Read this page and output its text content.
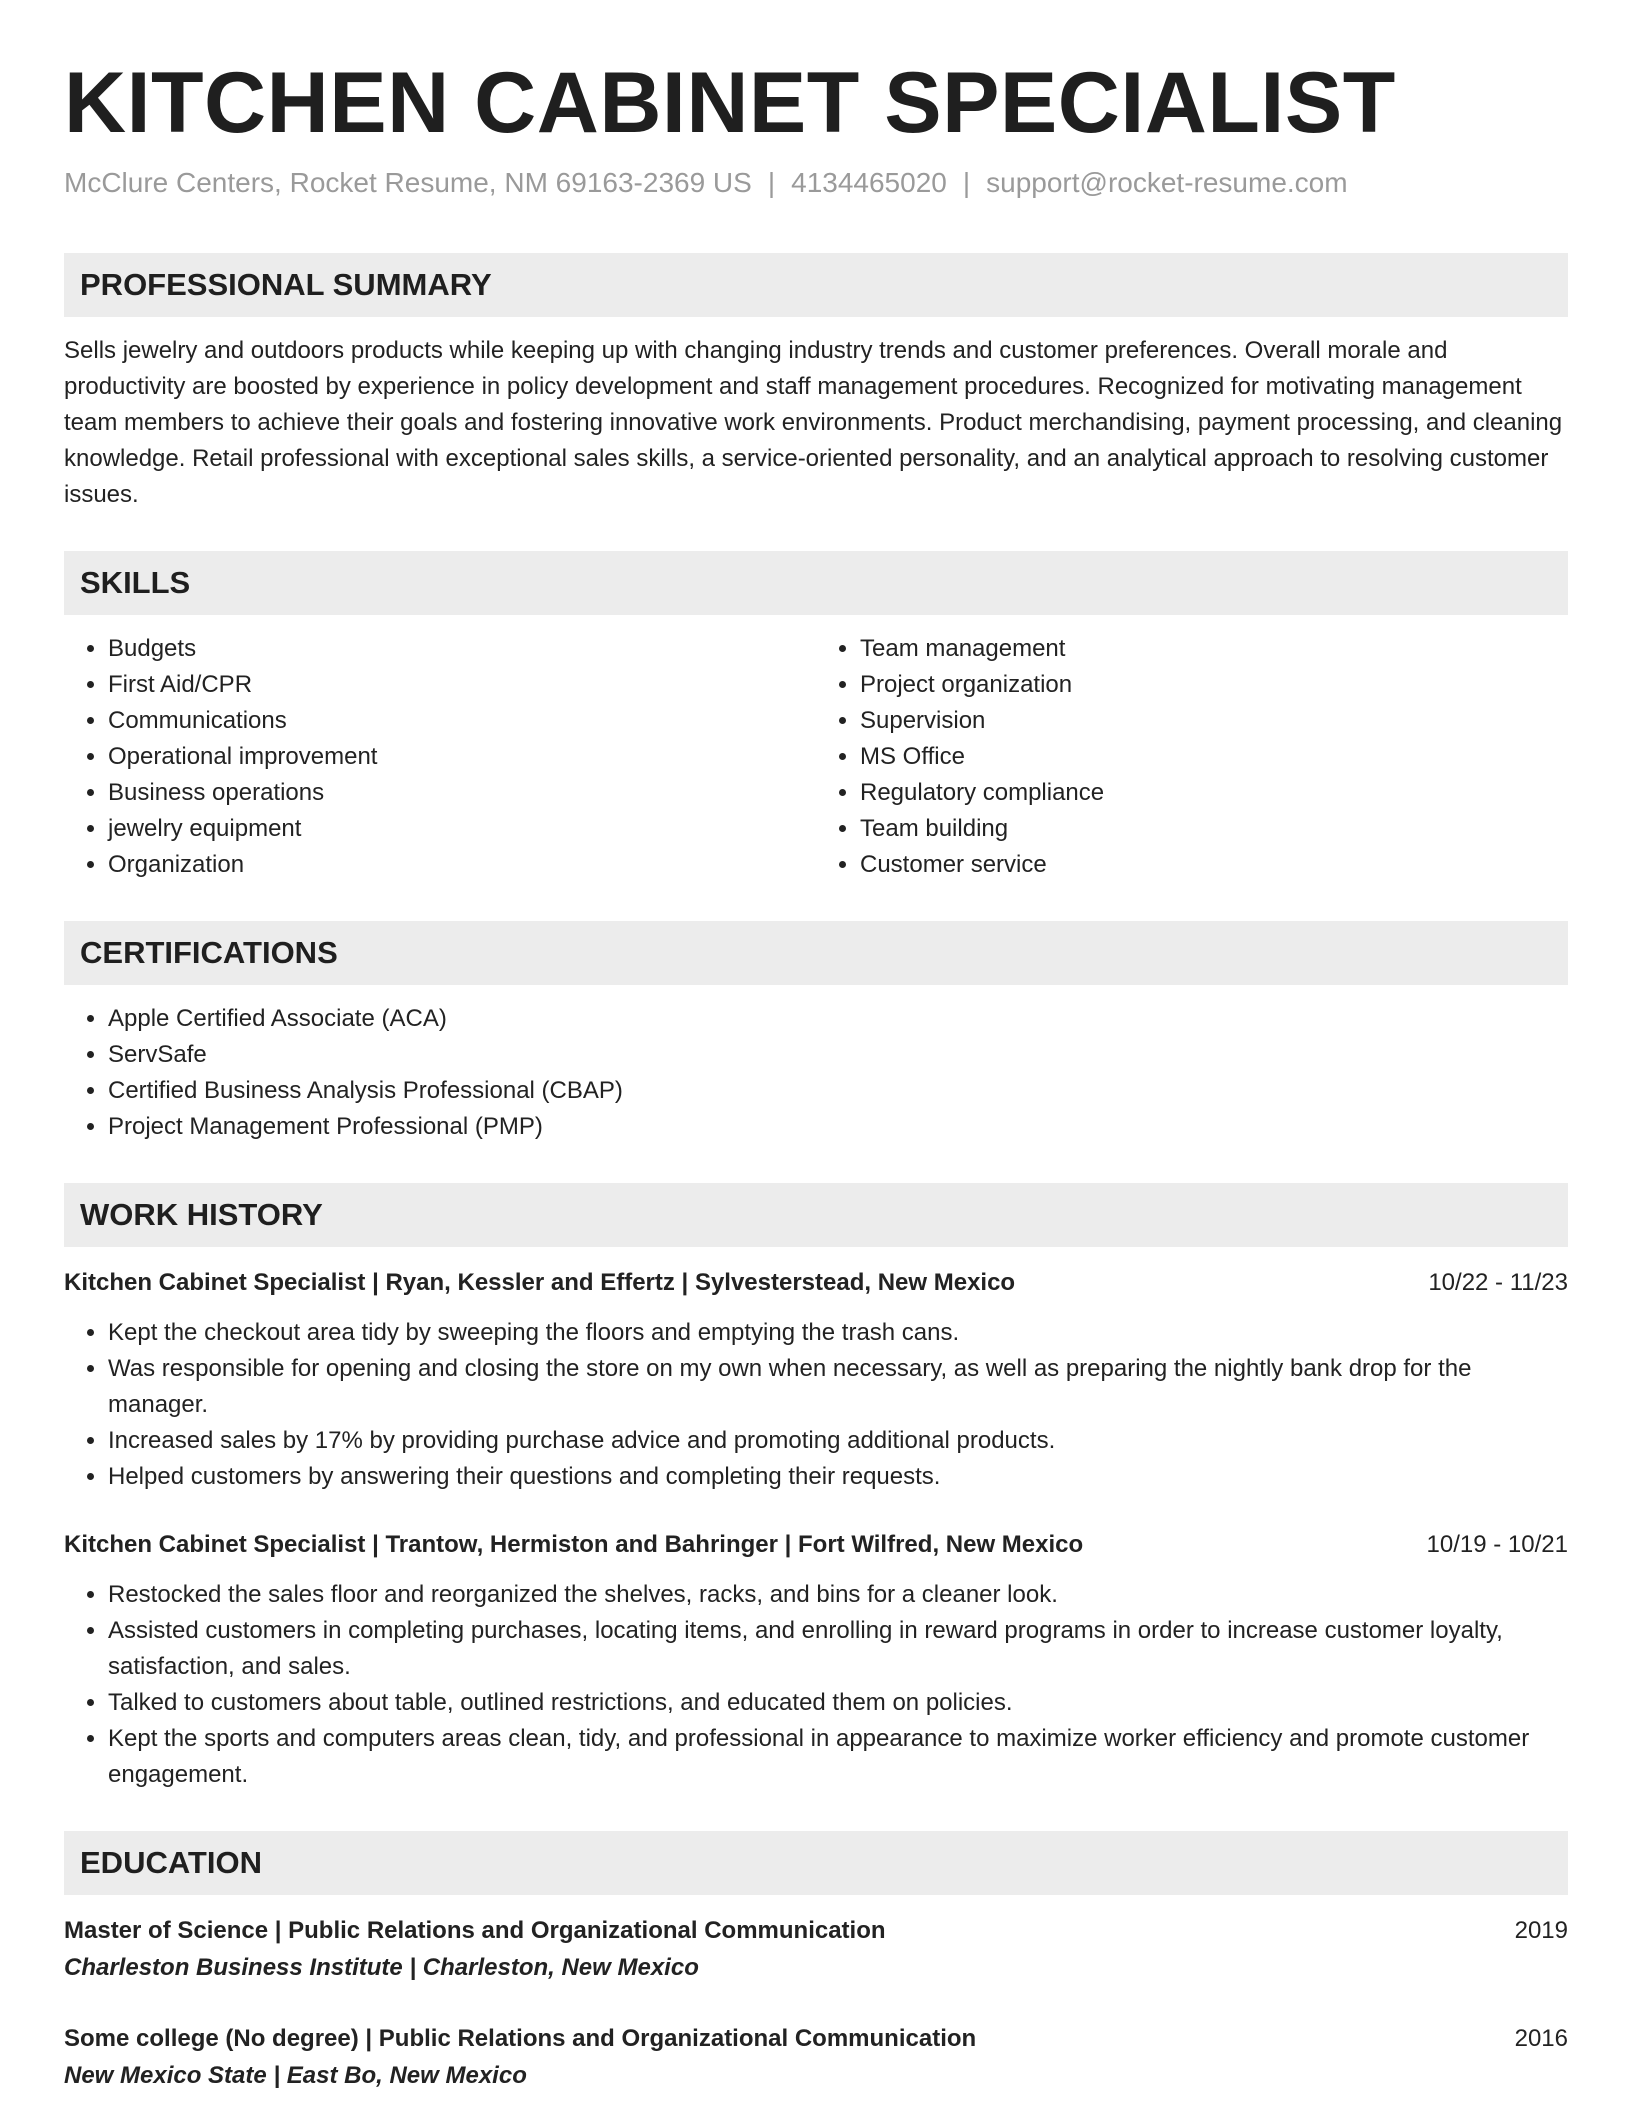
KITCHEN CABINET SPECIALIST
McClure Centers, Rocket Resume, NM 69163-2369 US | 4134465020 | support@rocket-resume.com
PROFESSIONAL SUMMARY
Sells jewelry and outdoors products while keeping up with changing industry trends and customer preferences. Overall morale and productivity are boosted by experience in policy development and staff management procedures. Recognized for motivating management team members to achieve their goals and fostering innovative work environments. Product merchandising, payment processing, and cleaning knowledge. Retail professional with exceptional sales skills, a service-oriented personality, and an analytical approach to resolving customer issues.
SKILLS
• Budgets
• First Aid/CPR
• Communications
• Operational improvement
• Business operations
• jewelry equipment
• Organization
• Team management
• Project organization
• Supervision
• MS Office
• Regulatory compliance
• Team building
• Customer service
CERTIFICATIONS
• Apple Certified Associate (ACA)
• ServSafe
• Certified Business Analysis Professional (CBAP)
• Project Management Professional (PMP)
WORK HISTORY
Kitchen Cabinet Specialist | Ryan, Kessler and Effertz | Sylvesterstead, New Mexico	10/22 - 11/23
• Kept the checkout area tidy by sweeping the floors and emptying the trash cans.
• Was responsible for opening and closing the store on my own when necessary, as well as preparing the nightly bank drop for the manager.
• Increased sales by 17% by providing purchase advice and promoting additional products.
• Helped customers by answering their questions and completing their requests.
Kitchen Cabinet Specialist | Trantow, Hermiston and Bahringer | Fort Wilfred, New Mexico	10/19 - 10/21
• Restocked the sales floor and reorganized the shelves, racks, and bins for a cleaner look.
• Assisted customers in completing purchases, locating items, and enrolling in reward programs in order to increase customer loyalty, satisfaction, and sales.
• Talked to customers about table, outlined restrictions, and educated them on policies.
• Kept the sports and computers areas clean, tidy, and professional in appearance to maximize worker efficiency and promote customer engagement.
EDUCATION
Master of Science | Public Relations and Organizational Communication	2019
Charleston Business Institute | Charleston, New Mexico
Some college (No degree) | Public Relations and Organizational Communication	2016
New Mexico State | East Bo, New Mexico
